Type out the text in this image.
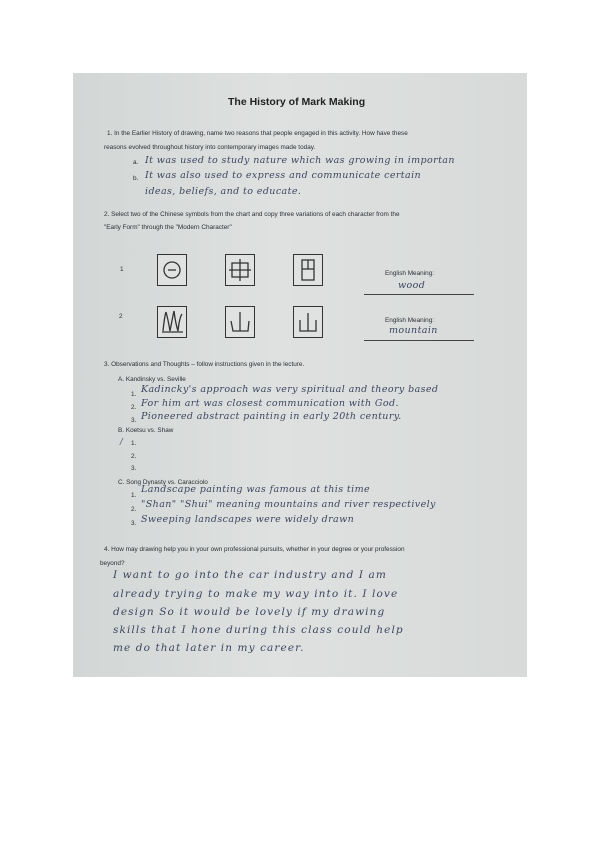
The History of Mark Making
1. In the Earlier History of drawing, name two reasons that people engaged in this activity. How have these
reasons evolved throughout history into contemporary images made today.
a. It was used to study nature which was growing in importan
b. It was also used to express and communicate certain
ideas, beliefs, and to educate.
2. Select two of the Chinese symbols from the chart and copy three variations of each character from the
"Early Form" through the "Modern Character"
1
English Meaning:
wood
2
English Meaning:
mountain
3. Observations and Thoughts – follow instructions given in the lecture.
A. Kandinsky vs. Seville
1. Kadincky's approach was very spiritual and theory based
2. For him art was closest communication with God.
3. Pioneered abstract painting in early 20th century.
B. Koetsu vs. Shaw
/ 1.
2.
3.
C. Song Dynasty vs. Caracciolo
1.
Landscape painting was famous at this time
2. "Shan" "Shui" meaning mountains and river respectively
3. Sweeping landscapes were widely drawn
4. How may drawing help you in your own professional pursuits, whether in your degree or your profession
beyond?
I want to go into the car industry and I am
already trying to make my way into it. I love
design So it would be lovely if my drawing
skills that I hone during this class could help
me do that later in my career.
